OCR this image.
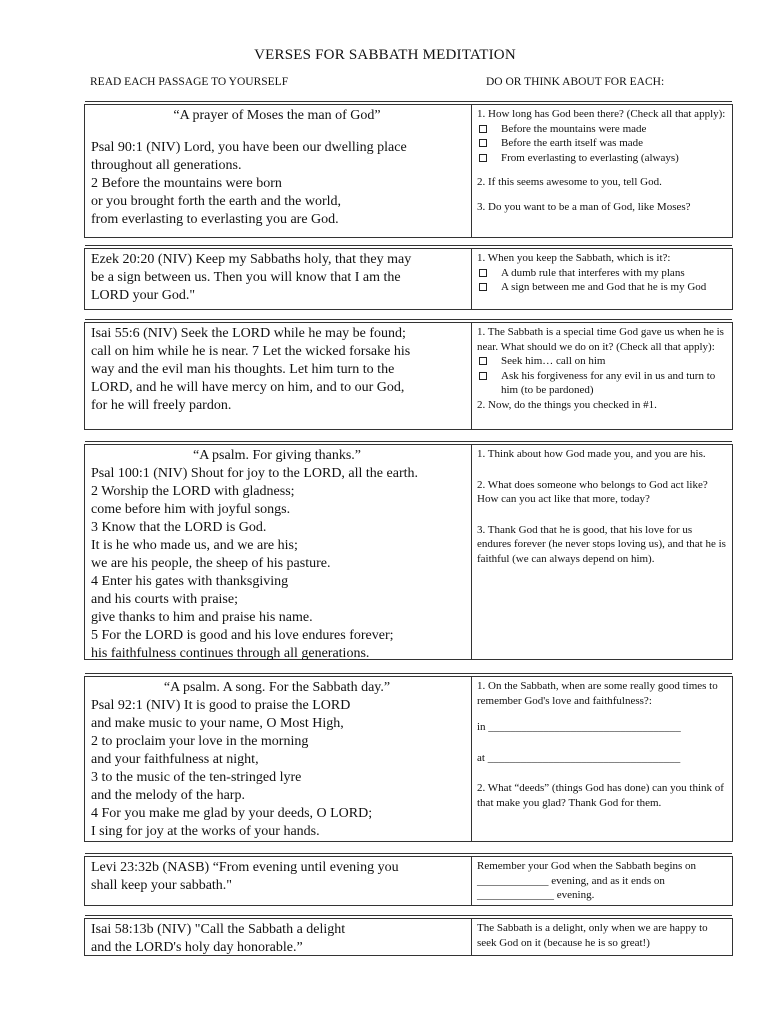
VERSES FOR SABBATH MEDITATION
READ EACH PASSAGE TO YOURSELF	DO OR THINK ABOUT FOR EACH:
“A prayer of Moses the man of God”
Psal 90:1 (NIV) Lord, you have been our dwelling place
throughout all generations.
2 Before the mountains were born
or you brought forth the earth and the world,
from everlasting to everlasting you are God.
1. How long has God been there? (Check all that apply):
Before the mountains were made
Before the earth itself was made
From everlasting to everlasting (always)
2. If this seems awesome to you, tell God.
3. Do you want to be a man of God, like Moses?
Ezek 20:20 (NIV) Keep my Sabbaths holy, that they may
be a sign between us. Then you will know that I am the
LORD your God."
1. When you keep the Sabbath, which is it?:
A dumb rule that interferes with my plans
A sign between me and God that he is my God
Isai 55:6 (NIV) Seek the LORD while he may be found;
call on him while he is near. 7 Let the wicked forsake his
way and the evil man his thoughts. Let him turn to the
LORD, and he will have mercy on him, and to our God,
for he will freely pardon.
1. The Sabbath is a special time God gave us when he is near. What should we do on it? (Check all that apply):
Seek him… call on him
Ask his forgiveness for any evil in us and turn to him (to be pardoned)
2. Now, do the things you checked in #1.
“A psalm. For giving thanks.”
Psal 100:1 (NIV) Shout for joy to the LORD, all the earth.
2 Worship the LORD with gladness;
come before him with joyful songs.
3 Know that the LORD is God.
It is he who made us, and we are his;
we are his people, the sheep of his pasture.
4 Enter his gates with thanksgiving
and his courts with praise;
give thanks to him and praise his name.
5 For the LORD is good and his love endures forever;
his faithfulness continues through all generations.
1. Think about how God made you, and you are his.
2. What does someone who belongs to God act like? How can you act like that more, today?
3. Thank God that he is good, that his love for us endures forever (he never stops loving us), and that he is faithful (we can always depend on him).
“A psalm. A song. For the Sabbath day.”
Psal 92:1 (NIV) It is good to praise the LORD
and make music to your name, O Most High,
2 to proclaim your love in the morning
and your faithfulness at night,
3 to the music of the ten-stringed lyre
and the melody of the harp.
4 For you make me glad by your deeds, O LORD;
I sing for joy at the works of your hands.
1. On the Sabbath, when are some really good times to remember God's love and faithfulness?:
in ___________________________________
at ___________________________________
2. What “deeds” (things God has done) can you think of that make you glad? Thank God for them.
Levi 23:32b (NASB) “From evening until evening you
shall keep your sabbath."
Remember your God when the Sabbath begins on _____________ evening, and as it ends on ______________ evening.
Isai 58:13b (NIV) "Call the Sabbath a delight
and the LORD's holy day honorable.”
The Sabbath is a delight, only when we are happy to seek God on it (because he is so great!)
